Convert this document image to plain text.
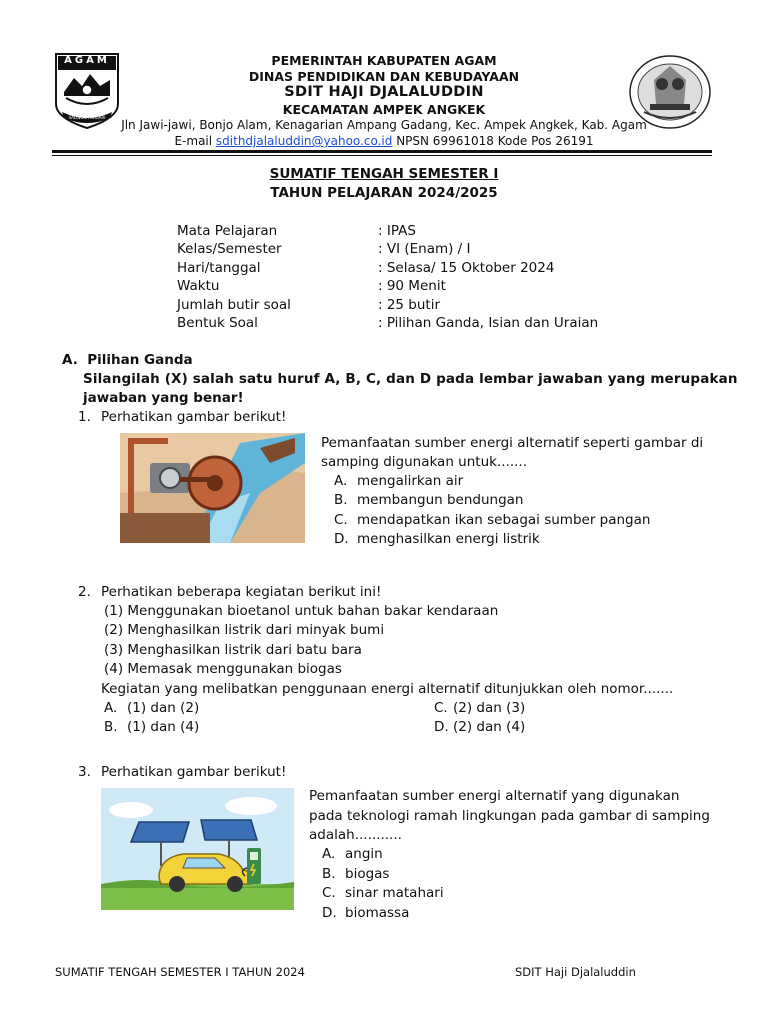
AGAM
SALINGKA NAGARI
PEMERINTAH KABUPATEN AGAM
DINAS PENDIDIKAN DAN KEBUDAYAAN
SDIT HAJI DJALALUDDIN
KECAMATAN AMPEK ANGKEK
Jln Jawi-jawi, Bonjo Alam, Kenagarian Ampang Gadang, Kec. Ampek Angkek, Kab. Agam
E-mail sdithdjalaluddin@yahoo.co.id NPSN 69961018 Kode Pos 26191
SUMATIF TENGAH SEMESTER I
TAHUN PELAJARAN 2024/2025
Mata Pelajaran	: IPAS
Kelas/Semester	: VI (Enam) / I
Hari/tanggal	: Selasa/ 15 Oktober 2024
Waktu	: 90 Menit
Jumlah butir soal	: 25 butir
Bentuk Soal	: Pilihan Ganda, Isian dan Uraian
A.  Pilihan Ganda
Silangilah (X) salah satu huruf A, B, C, dan D pada lembar jawaban yang merupakan
jawaban yang benar!
1. Perhatikan gambar berikut!
Pemanfaatan sumber energi alternatif seperti gambar di
samping digunakan untuk.......
A. mengalirkan air
B. membangun bendungan
C. mendapatkan ikan sebagai sumber pangan
D. menghasilkan energi listrik
2. Perhatikan beberapa kegiatan berikut ini!
(1) Menggunakan bioetanol untuk bahan bakar kendaraan
(2) Menghasilkan listrik dari minyak bumi
(3) Menghasilkan listrik dari batu bara
(4) Memasak menggunakan biogas
Kegiatan yang melibatkan penggunaan energi alternatif ditunjukkan oleh nomor.......
A. (1) dan (2)
B. (1) dan (4)
C. (2) dan (3)
D. (2) dan (4)
3. Perhatikan gambar berikut!
Pemanfaatan sumber energi alternatif yang digunakan
pada teknologi ramah lingkungan pada gambar di samping
adalah...........
A. angin
B. biogas
C. sinar matahari
D. biomassa
SUMATIF TENGAH SEMESTER I TAHUN 2024	SDIT Haji Djalaluddin
